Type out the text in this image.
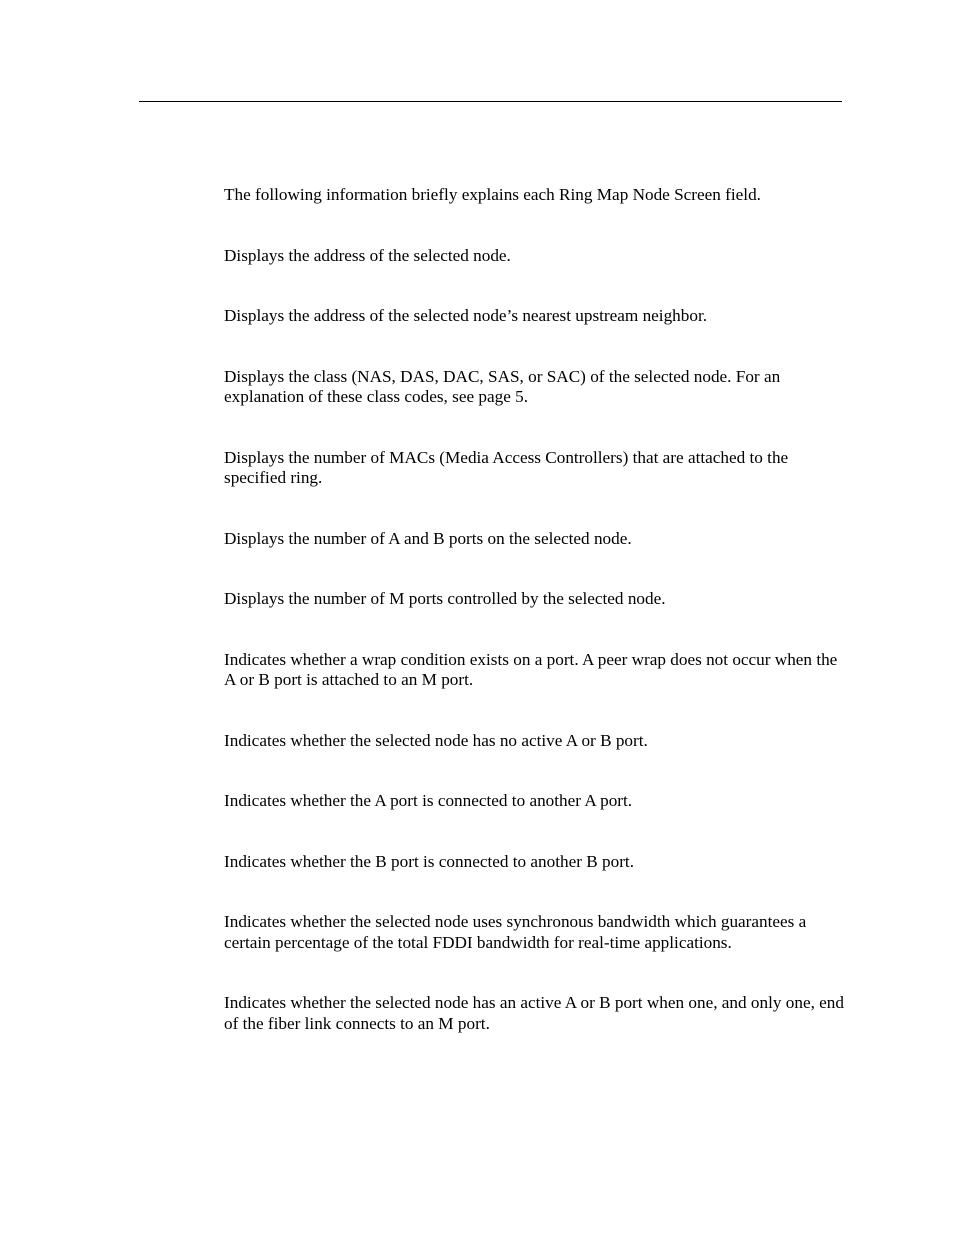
The following information briefly explains each Ring Map Node Screen field.

Displays the address of the selected node.

Displays the address of the selected node’s nearest upstream neighbor.

Displays the class (NAS, DAS, DAC, SAS, or SAC) of the selected node. For an explanation of these class codes, see page 5.

Displays the number of MACs (Media Access Controllers) that are attached to the specified ring.

Displays the number of A and B ports on the selected node.

Displays the number of M ports controlled by the selected node.

Indicates whether a wrap condition exists on a port. A peer wrap does not occur when the A or B port is attached to an M port.

Indicates whether the selected node has no active A or B port.

Indicates whether the A port is connected to another A port.

Indicates whether the B port is connected to another B port.

Indicates whether the selected node uses synchronous bandwidth which guarantees a certain percentage of the total FDDI bandwidth for real-time applications.

Indicates whether the selected node has an active A or B port when one, and only one, end of the fiber link connects to an M port.
